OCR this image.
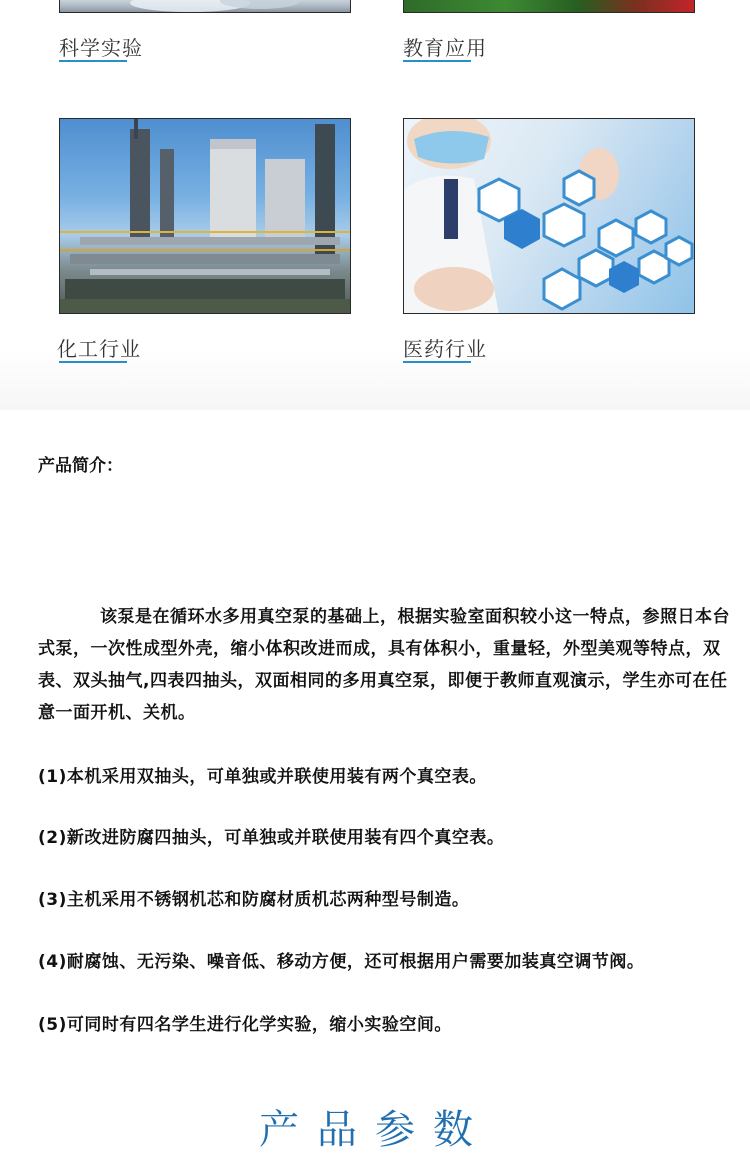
科学实验	教育应用
化工行业	医药行业
产品简介：
该泵是在循环水多用真空泵的基础上，根据实验室面积较小这一特点，参照日本台式泵，一次性成型外壳，缩小体积改进而成，具有体积小，重量轻，外型美观等特点，双表、双头抽气,四表四抽头，双面相同的多用真空泵，即便于教师直观演示，学生亦可在任意一面开机、关机。
(1)本机采用双抽头，可单独或并联使用装有两个真空表。
(2)新改进防腐四抽头，可单独或并联使用装有四个真空表。
(3)主机采用不锈钢机芯和防腐材质机芯两种型号制造。
(4)耐腐蚀、无污染、噪音低、移动方便，还可根据用户需要加装真空调节阀。
(5)可同时有四名学生进行化学实验，缩小实验空间。
产品参数
